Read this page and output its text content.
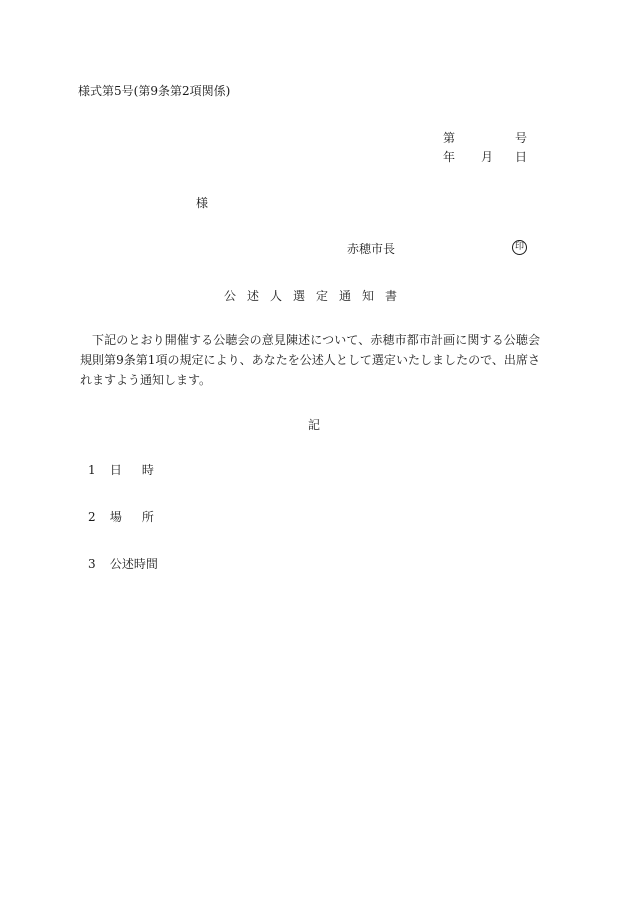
様式第5号(第9条第2項関係)
第	号
年 月 日
様
赤穂市長	印
公述人選定通知書
下記のとおり開催する公聴会の意見陳述について、赤穂市都市計画に関する公聴会規則第9条第1項の規定により、あなたを公述人として選定いたしましたので、出席されますよう通知します。
記
1 日時
2 場所
3 公述時間
